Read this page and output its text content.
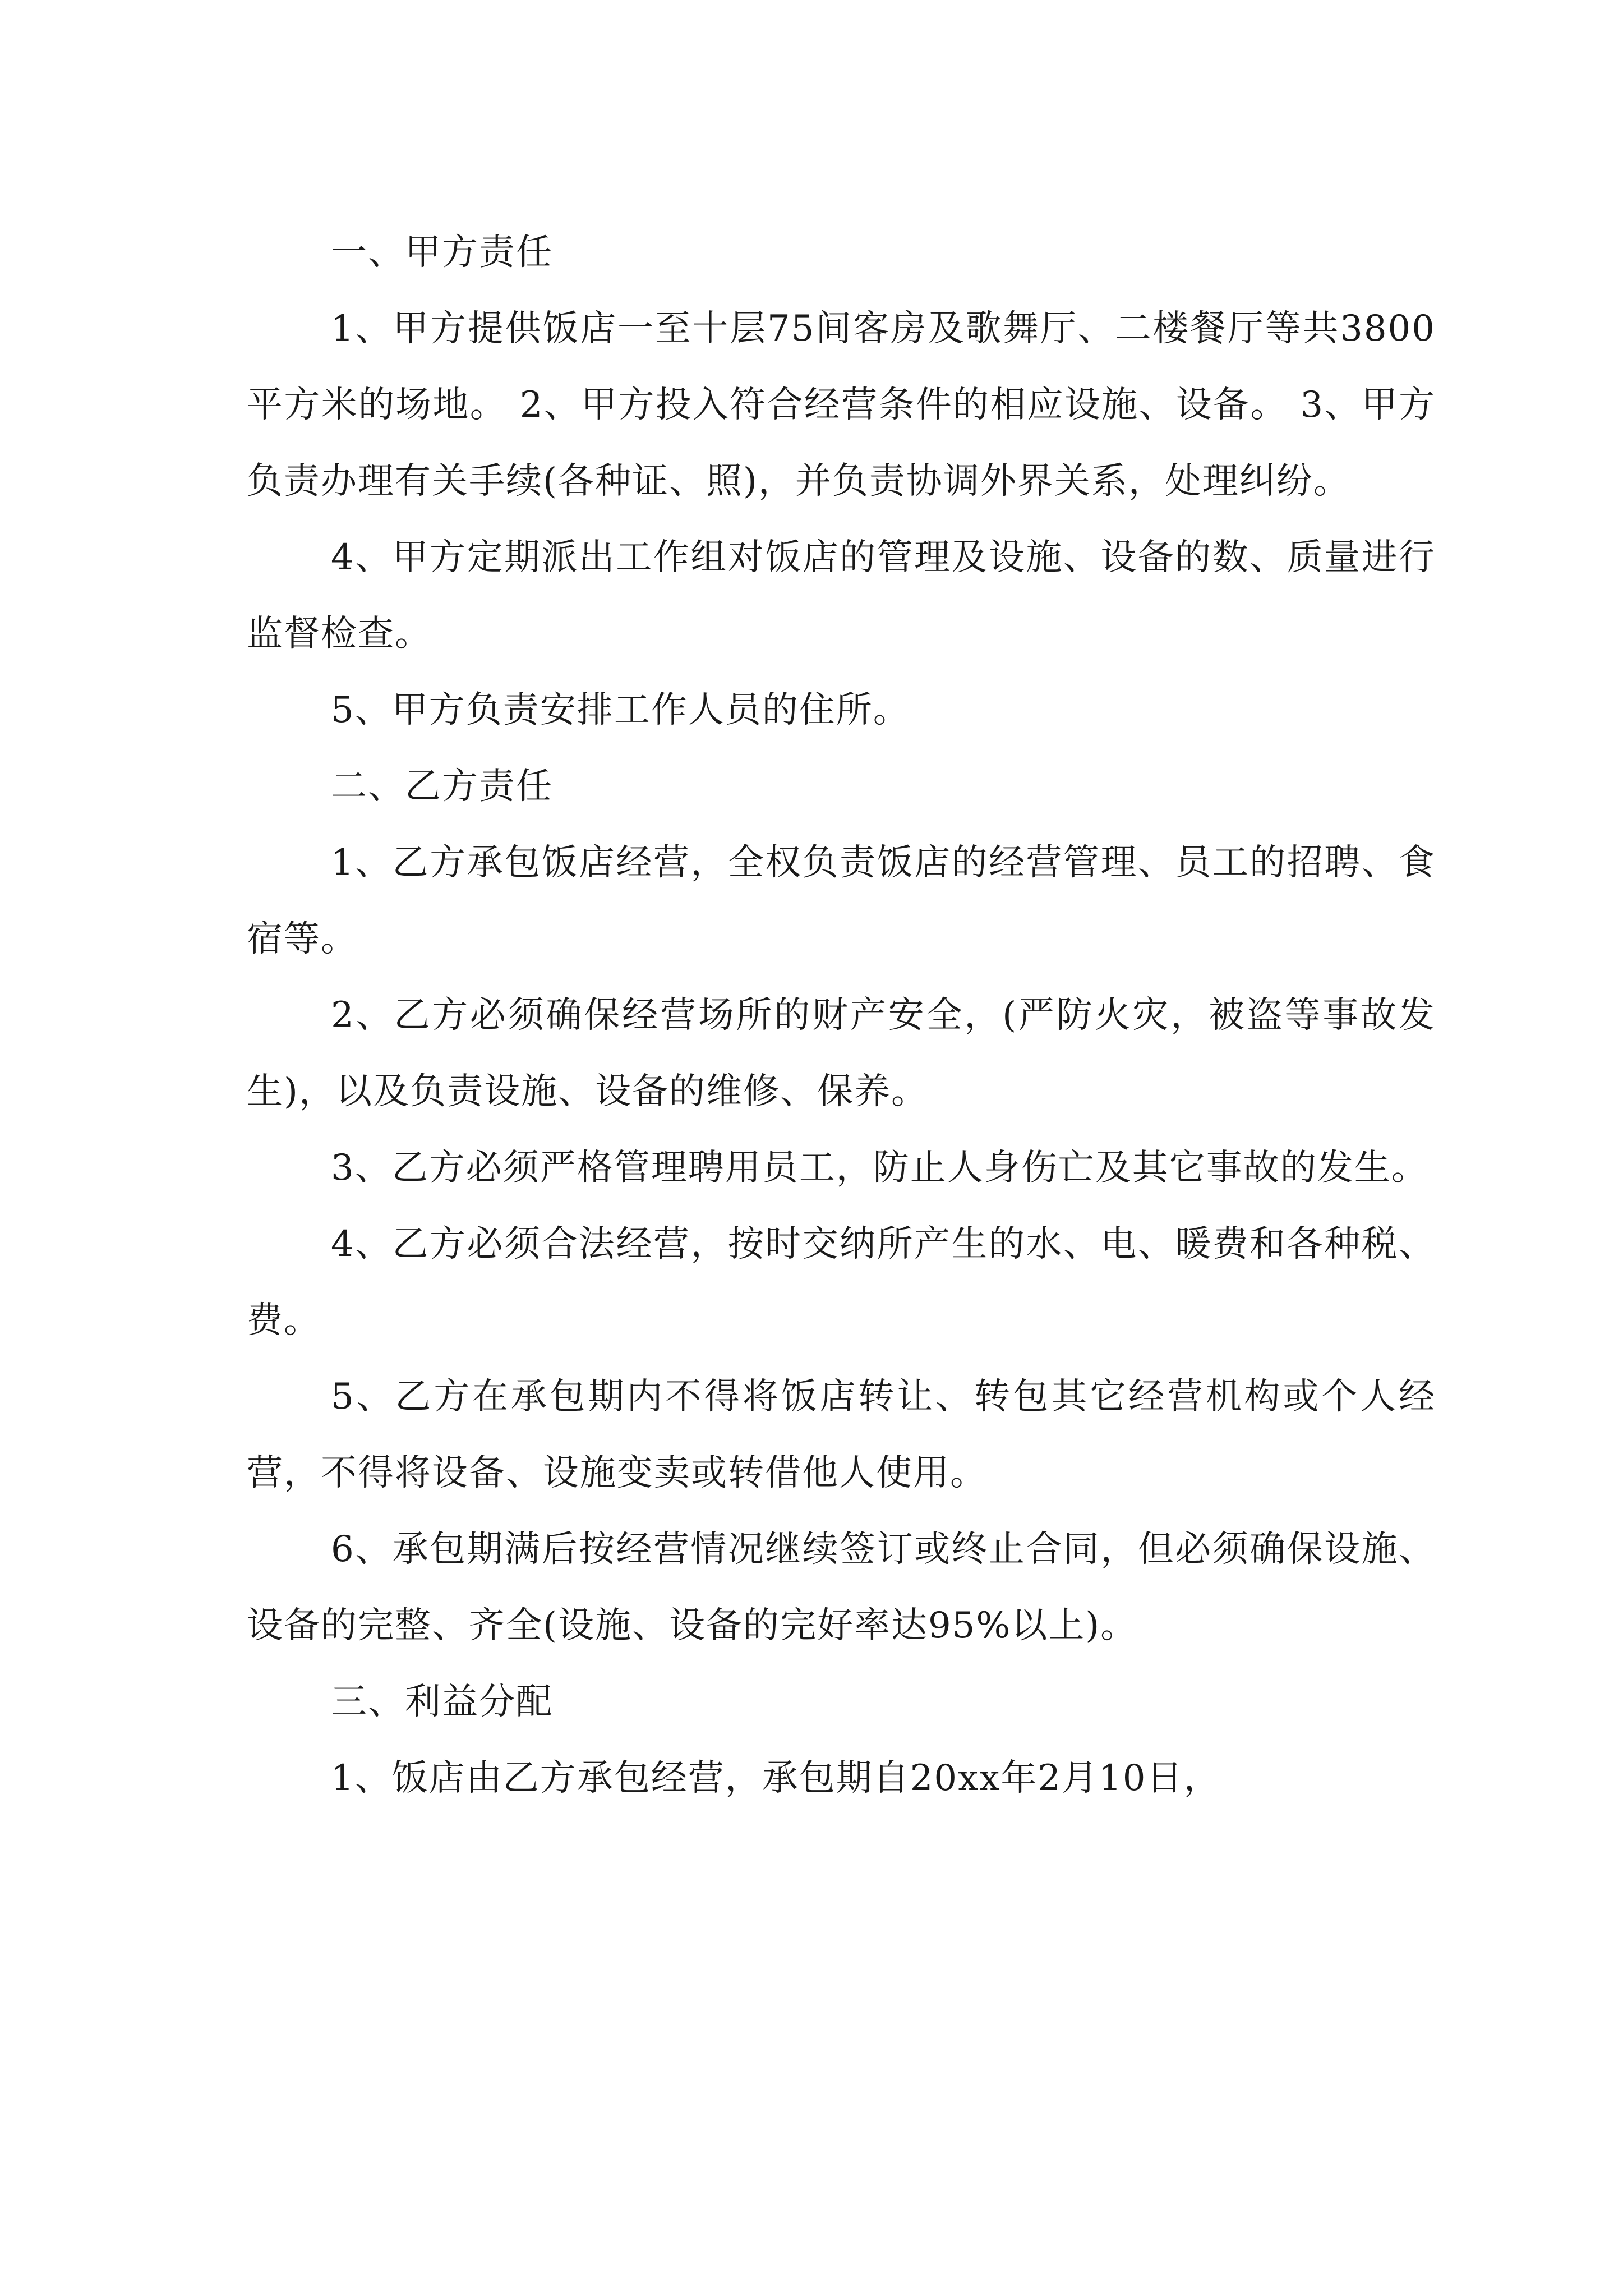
一、甲方责任

1、甲方提供饭店一至十层75间客房及歌舞厅、二楼餐厅等共3800平方米的场地。 2、甲方投入符合经营条件的相应设施、设备。 3、甲方负责办理有关手续(各种证、照)，并负责协调外界关系，处理纠纷。

4、甲方定期派出工作组对饭店的管理及设施、设备的数、质量进行监督检查。

5、甲方负责安排工作人员的住所。

二、乙方责任

1、乙方承包饭店经营，全权负责饭店的经营管理、员工的招聘、食宿等。

2、乙方必须确保经营场所的财产安全，(严防火灾，被盗等事故发生)，以及负责设施、设备的维修、保养。

3、乙方必须严格管理聘用员工，防止人身伤亡及其它事故的发生。

4、乙方必须合法经营，按时交纳所产生的水、电、暖费和各种税、费。

5、乙方在承包期内不得将饭店转让、转包其它经营机构或个人经营，不得将设备、设施变卖或转借他人使用。

6、承包期满后按经营情况继续签订或终止合同，但必须确保设施、设备的完整、齐全(设施、设备的完好率达95%以上)。

三、利益分配

1、饭店由乙方承包经营，承包期自20xx年2月10日，
